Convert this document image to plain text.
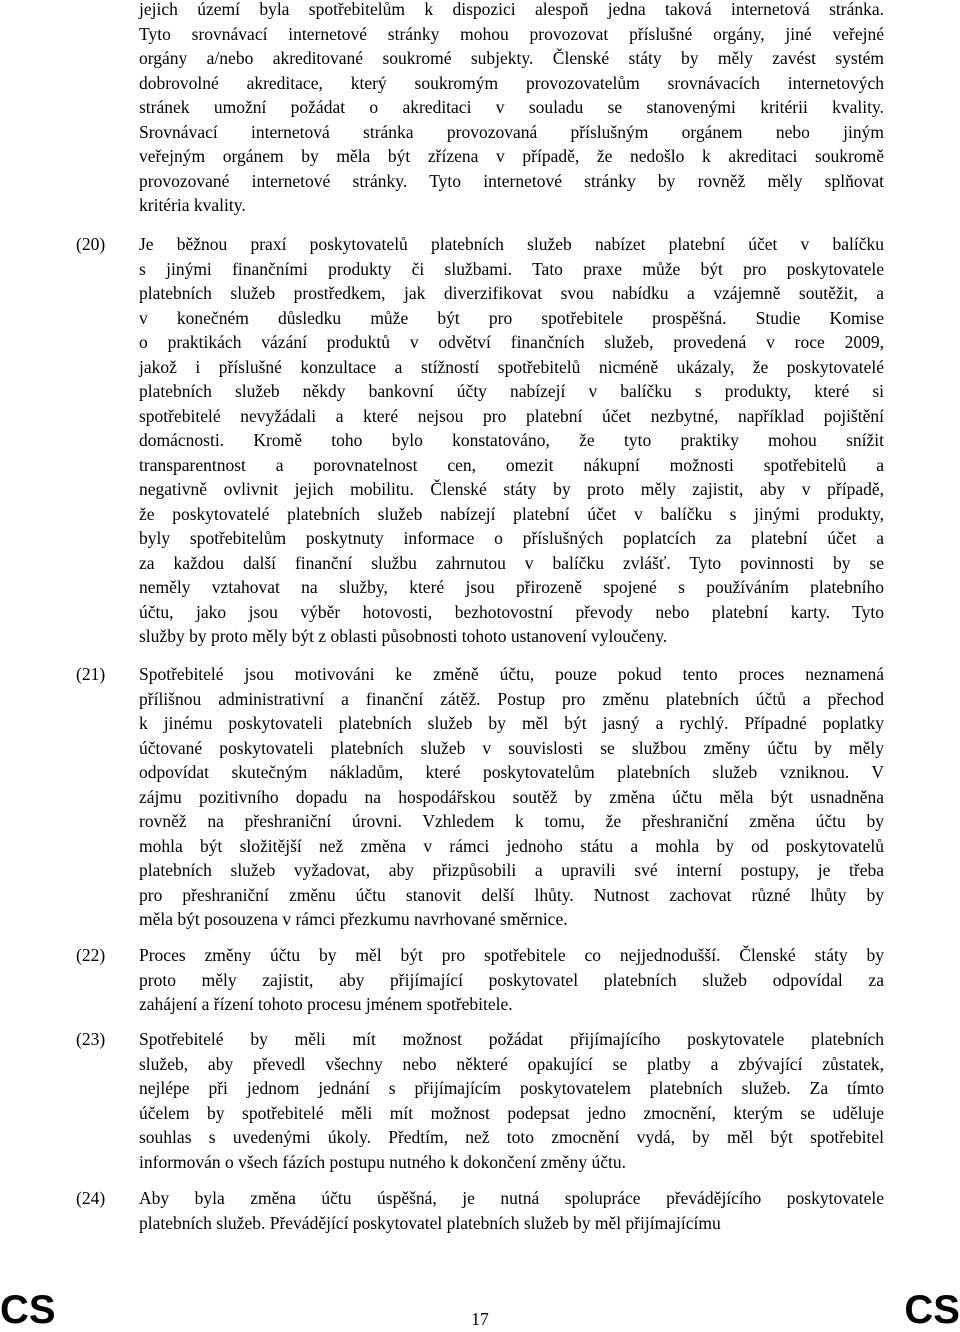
jejich území byla spotřebitelům k dispozici alespoň jedna taková internetová stránka.
Tyto srovnávací internetové stránky mohou provozovat příslušné orgány, jiné veřejné
orgány a/nebo akreditované soukromé subjekty. Členské státy by měly zavést systém
dobrovolné akreditace, který soukromým provozovatelům srovnávacích internetových
stránek umožní požádat o akreditaci v souladu se stanovenými kritérii kvality.
Srovnávací internetová stránka provozovaná příslušným orgánem nebo jiným
veřejným orgánem by měla být zřízena v případě, že nedošlo k akreditaci soukromě
provozované internetové stránky. Tyto internetové stránky by rovněž měly splňovat
kritéria kvality.
(20) Je běžnou praxí poskytovatelů platebních služeb nabízet platební účet v balíčku
s jinými finančními produkty či službami. Tato praxe může být pro poskytovatele
platebních služeb prostředkem, jak diverzifikovat svou nabídku a vzájemně soutěžit, a
v konečném důsledku může být pro spotřebitele prospěšná. Studie Komise
o praktikách vázání produktů v odvětví finančních služeb, provedená v roce 2009,
jakož i příslušné konzultace a stížností spotřebitelů nicméně ukázaly, že poskytovatelé
platebních služeb někdy bankovní účty nabízejí v balíčku s produkty, které si
spotřebitelé nevyžádali a které nejsou pro platební účet nezbytné, například pojištění
domácnosti. Kromě toho bylo konstatováno, že tyto praktiky mohou snížit
transparentnost a porovnatelnost cen, omezit nákupní možnosti spotřebitelů a
negativně ovlivnit jejich mobilitu. Členské státy by proto měly zajistit, aby v případě,
že poskytovatelé platebních služeb nabízejí platební účet v balíčku s jinými produkty,
byly spotřebitelům poskytnuty informace o příslušných poplatcích za platební účet a
za každou další finanční službu zahrnutou v balíčku zvlášť. Tyto povinnosti by se
neměly vztahovat na služby, které jsou přirozeně spojené s používáním platebního
účtu, jako jsou výběr hotovosti, bezhotovostní převody nebo platební karty. Tyto
služby by proto měly být z oblasti působnosti tohoto ustanovení vyloučeny.
(21) Spotřebitelé jsou motivováni ke změně účtu, pouze pokud tento proces neznamená
přílišnou administrativní a finanční zátěž. Postup pro změnu platebních účtů a přechod
k jinému poskytovateli platebních služeb by měl být jasný a rychlý. Případné poplatky
účtované poskytovateli platebních služeb v souvislosti se službou změny účtu by měly
odpovídat skutečným nákladům, které poskytovatelům platebních služeb vzniknou. V
zájmu pozitivního dopadu na hospodářskou soutěž by změna účtu měla být usnadněna
rovněž na přeshraniční úrovni. Vzhledem k tomu, že přeshraniční změna účtu by
mohla být složitější než změna v rámci jednoho státu a mohla by od poskytovatelů
platebních služeb vyžadovat, aby přizpůsobili a upravili své interní postupy, je třeba
pro přeshraniční změnu účtu stanovit delší lhůty. Nutnost zachovat různé lhůty by
měla být posouzena v rámci přezkumu navrhované směrnice.
(22) Proces změny účtu by měl být pro spotřebitele co nejjednodušší. Členské státy by
proto měly zajistit, aby přijímající poskytovatel platebních služeb odpovídal za
zahájení a řízení tohoto procesu jménem spotřebitele.
(23) Spotřebitelé by měli mít možnost požádat přijímajícího poskytovatele platebních
služeb, aby převedl všechny nebo některé opakující se platby a zbývající zůstatek,
nejlépe při jednom jednání s přijímajícím poskytovatelem platebních služeb. Za tímto
účelem by spotřebitelé měli mít možnost podepsat jedno zmocnění, kterým se uděluje
souhlas s uvedenými úkoly. Předtím, než toto zmocnění vydá, by měl být spotřebitel
informován o všech fázích postupu nutného k dokončení změny účtu.
(24) Aby byla změna účtu úspěšná, je nutná spolupráce převádějícího poskytovatele
platebních služeb. Převádějící poskytovatel platebních služeb by měl přijímajícímu
CS	17	CS
